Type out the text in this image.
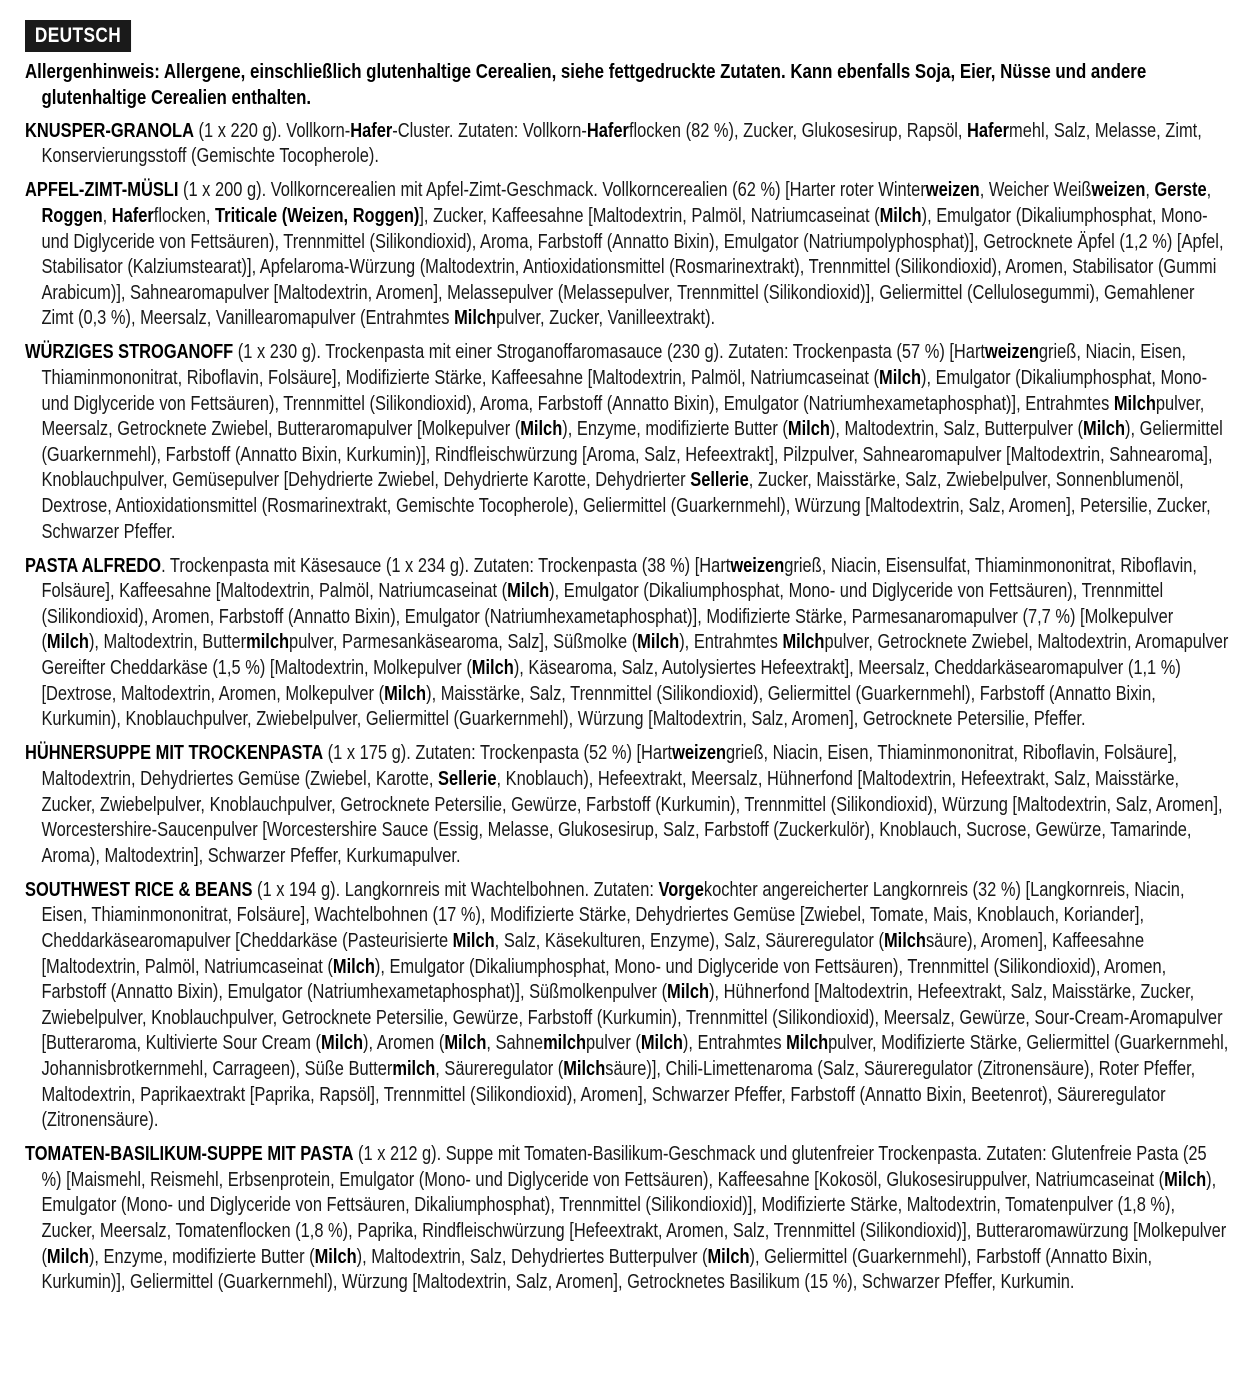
DEUTSCH

Allergenhinweis: Allergene, einschließlich glutenhaltige Cerealien, siehe fettgedruckte Zutaten. Kann ebenfalls Soja, Eier, Nüsse und andere glutenhaltige Cerealien enthalten.

KNUSPER-GRANOLA (1 x 220 g). Vollkorn-Hafer-Cluster. Zutaten: Vollkorn-Haferflocken (82 %), Zucker, Glukosesirup, Rapsöl, Hafermehl, Salz, Melasse, Zimt, Konservierungsstoff (Gemischte Tocopherole).

APFEL-ZIMT-MÜSLI (1 x 200 g). Vollkorncerealien mit Apfel-Zimt-Geschmack. Vollkorncerealien (62 %) [Harter roter Winterweizen, Weicher Weißweizen, Gerste, Roggen, Haferflocken, Triticale (Weizen, Roggen)], Zucker, Kaffeesahne [Maltodextrin, Palmöl, Natriumcaseinat (Milch), Emulgator (Dikaliumphosphat, Mono- und Diglyceride von Fettsäuren), Trennmittel (Silikondioxid), Aroma, Farbstoff (Annatto Bixin), Emulgator (Natriumpolyphosphat)], Getrocknete Äpfel (1,2 %) [Apfel, Stabilisator (Kalziumstearat)], Apfelaroma-Würzung (Maltodextrin, Antioxidationsmittel (Rosmarinextrakt), Trennmittel (Silikondioxid), Aromen, Stabilisator (Gummi Arabicum)], Sahnearomapulver [Maltodextrin, Aromen], Melassepulver (Melassepulver, Trennmittel (Silikondioxid)], Geliermittel (Cellulosegummi), Gemahlener Zimt (0,3 %), Meersalz, Vanillearomapulver (Entrahmtes Milchpulver, Zucker, Vanilleextrakt).

WÜRZIGES STROGANOFF (1 x 230 g). Trockenpasta mit einer Stroganoffaromasauce (230 g). Zutaten: Trockenpasta (57 %) [Hartweizengrieß, Niacin, Eisen, Thiaminmononitrat, Riboflavin, Folsäure], Modifizierte Stärke, Kaffeesahne [Maltodextrin, Palmöl, Natriumcaseinat (Milch), Emulgator (Dikaliumphosphat, Mono- und Diglyceride von Fettsäuren), Trennmittel (Silikondioxid), Aroma, Farbstoff (Annatto Bixin), Emulgator (Natriumhexametaphosphat)], Entrahmtes Milchpulver, Meersalz, Getrocknete Zwiebel, Butteraromapulver [Molkepulver (Milch), Enzyme, modifizierte Butter (Milch), Maltodextrin, Salz, Butterpulver (Milch), Geliermittel (Guarkernmehl), Farbstoff (Annatto Bixin, Kurkumin)], Rindfleischwürzung [Aroma, Salz, Hefeextrakt], Pilzpulver, Sahnearomapulver [Maltodextrin, Sahnearoma], Knoblauchpulver, Gemüsepulver [Dehydrierte Zwiebel, Dehydrierte Karotte, Dehydrierter Sellerie, Zucker, Maisstärke, Salz, Zwiebelpulver, Sonnenblumenöl, Dextrose, Antioxidationsmittel (Rosmarinextrakt, Gemischte Tocopherole), Geliermittel (Guarkernmehl), Würzung [Maltodextrin, Salz, Aromen], Petersilie, Zucker, Schwarzer Pfeffer.

PASTA ALFREDO. Trockenpasta mit Käsesauce (1 x 234 g). Zutaten: Trockenpasta (38 %) [Hartweizengrieß, Niacin, Eisensulfat, Thiaminmononitrat, Riboflavin, Folsäure], Kaffeesahne [Maltodextrin, Palmöl, Natriumcaseinat (Milch), Emulgator (Dikaliumphosphat, Mono- und Diglyceride von Fettsäuren), Trennmittel (Silikondioxid), Aromen, Farbstoff (Annatto Bixin), Emulgator (Natriumhexametaphosphat)], Modifizierte Stärke, Parmesanaromapulver (7,7 %) [Molkepulver (Milch), Maltodextrin, Buttermilchpulver, Parmesankäsearoma, Salz], Süßmolke (Milch), Entrahmtes Milchpulver, Getrocknete Zwiebel, Maltodextrin, Aromapulver Gereifter Cheddarkäse (1,5 %) [Maltodextrin, Molkepulver (Milch), Käsearoma, Salz, Autolysiertes Hefeextrakt], Meersalz, Cheddarkäsearomapulver (1,1 %) [Dextrose, Maltodextrin, Aromen, Molkepulver (Milch), Maisstärke, Salz, Trennmittel (Silikondioxid), Geliermittel (Guarkernmehl), Farbstoff (Annatto Bixin, Kurkumin), Knoblauchpulver, Zwiebelpulver, Geliermittel (Guarkernmehl), Würzung [Maltodextrin, Salz, Aromen], Getrocknete Petersilie, Pfeffer.

HÜHNERSUPPE MIT TROCKENPASTA (1 x 175 g). Zutaten: Trockenpasta (52 %) [Hartweizengrieß, Niacin, Eisen, Thiaminmononitrat, Riboflavin, Folsäure], Maltodextrin, Dehydriertes Gemüse (Zwiebel, Karotte, Sellerie, Knoblauch), Hefeextrakt, Meersalz, Hühnerfond [Maltodextrin, Hefeextrakt, Salz, Maisstärke, Zucker, Zwiebelpulver, Knoblauchpulver, Getrocknete Petersilie, Gewürze, Farbstoff (Kurkumin), Trennmittel (Silikondioxid), Würzung [Maltodextrin, Salz, Aromen], Worcestershire-Saucenpulver [Worcestershire Sauce (Essig, Melasse, Glukosesirup, Salz, Farbstoff (Zuckerkulör), Knoblauch, Sucrose, Gewürze, Tamarinde, Aroma), Maltodextrin], Schwarzer Pfeffer, Kurkumapulver.

SOUTHWEST RICE & BEANS (1 x 194 g). Langkornreis mit Wachtelbohnen. Zutaten: Vorgekochter angereicherter Langkornreis (32 %) [Langkornreis, Niacin, Eisen, Thiaminmononitrat, Folsäure], Wachtelbohnen (17 %), Modifizierte Stärke, Dehydriertes Gemüse [Zwiebel, Tomate, Mais, Knoblauch, Koriander], Cheddarkäsearomapulver [Cheddarkäse (Pasteurisierte Milch, Salz, Käsekulturen, Enzyme), Salz, Säureregulator (Milchsäure), Aromen], Kaffeesahne [Maltodextrin, Palmöl, Natriumcaseinat (Milch), Emulgator (Dikaliumphosphat, Mono- und Diglyceride von Fettsäuren), Trennmittel (Silikondioxid), Aromen, Farbstoff (Annatto Bixin), Emulgator (Natriumhexametaphosphat)], Süßmolkenpulver (Milch), Hühnerfond [Maltodextrin, Hefeextrakt, Salz, Maisstärke, Zucker, Zwiebelpulver, Knoblauchpulver, Getrocknete Petersilie, Gewürze, Farbstoff (Kurkumin), Trennmittel (Silikondioxid), Meersalz, Gewürze, Sour-Cream-Aromapulver [Butteraroma, Kultivierte Sour Cream (Milch), Aromen (Milch, Sahnemilchpulver (Milch), Entrahmtes Milchpulver, Modifizierte Stärke, Geliermittel (Guarkernmehl, Johannisbrotkernmehl, Carrageen), Süße Buttermilch, Säureregulator (Milchsäure)], Chili-Limettenaroma (Salz, Säureregulator (Zitronensäure), Roter Pfeffer, Maltodextrin, Paprikaextrakt [Paprika, Rapsöl], Trennmittel (Silikondioxid), Aromen], Schwarzer Pfeffer, Farbstoff (Annatto Bixin, Beetenrot), Säureregulator (Zitronensäure).

TOMATEN-BASILIKUM-SUPPE MIT PASTA (1 x 212 g). Suppe mit Tomaten-Basilikum-Geschmack und glutenfreier Trockenpasta. Zutaten: Glutenfreie Pasta (25 %) [Maismehl, Reismehl, Erbsenprotein, Emulgator (Mono- und Diglyceride von Fettsäuren), Kaffeesahne [Kokosöl, Glukosesiruppulver, Natriumcaseinat (Milch), Emulgator (Mono- und Diglyceride von Fettsäuren, Dikaliumphosphat), Trennmittel (Silikondioxid)], Modifizierte Stärke, Maltodextrin, Tomatenpulver (1,8 %), Zucker, Meersalz, Tomatenflocken (1,8 %), Paprika, Rindfleischwürzung [Hefeextrakt, Aromen, Salz, Trennmittel (Silikondioxid)], Butteraromawürzung [Molkepulver (Milch), Enzyme, modifizierte Butter (Milch), Maltodextrin, Salz, Dehydriertes Butterpulver (Milch), Geliermittel (Guarkernmehl), Farbstoff (Annatto Bixin, Kurkumin)], Geliermittel (Guarkernmehl), Würzung [Maltodextrin, Salz, Aromen], Getrocknetes Basilikum (15 %), Schwarzer Pfeffer, Kurkumin.
